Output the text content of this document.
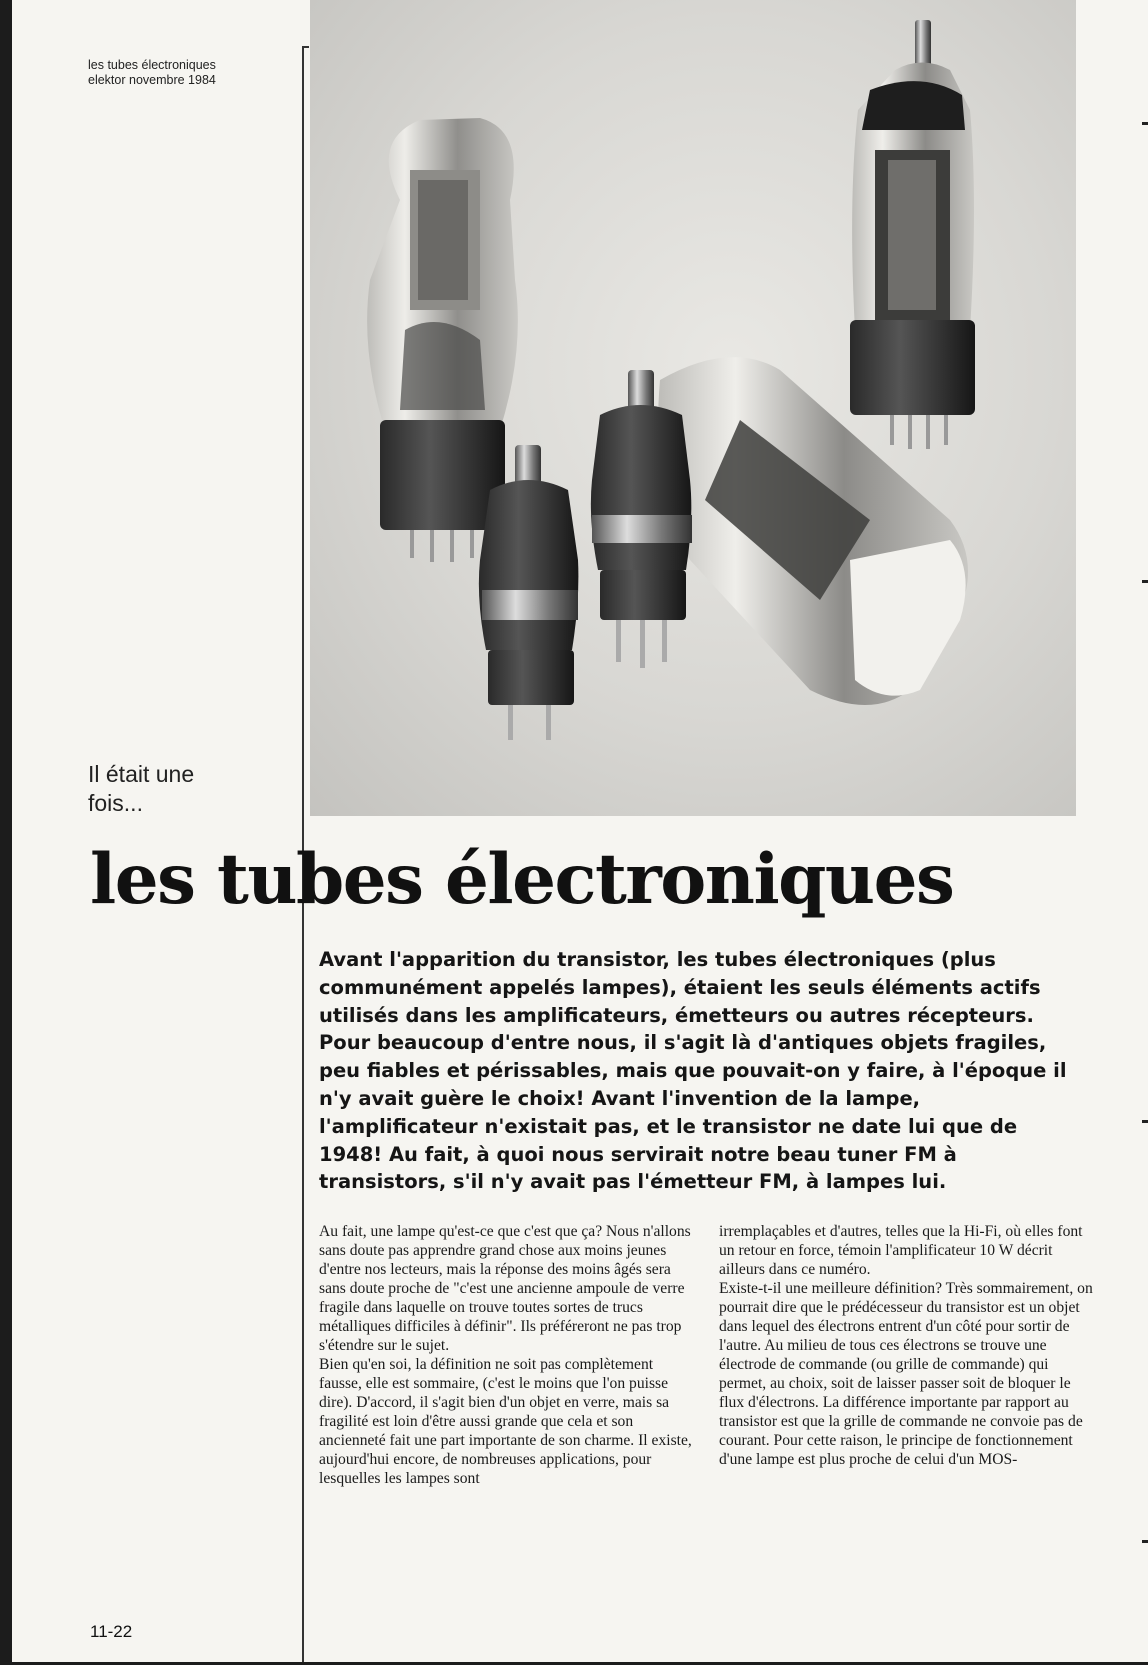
les tubes électroniques
elektor novembre 1984
Il était une
fois...
les tubes électroniques
Avant l'apparition du transistor, les tubes électroniques (plus communément appelés lampes), étaient les seuls éléments actifs utilisés dans les amplificateurs, émetteurs ou autres récepteurs. Pour beaucoup d'entre nous, il s'agit là d'antiques objets fragiles, peu fiables et périssables, mais que pouvait-on y faire, à l'époque il n'y avait guère le choix! Avant l'invention de la lampe, l'amplificateur n'existait pas, et le transistor ne date lui que de 1948! Au fait, à quoi nous servirait notre beau tuner FM à transistors, s'il n'y avait pas l'émetteur FM, à lampes lui.

Au fait, une lampe qu'est-ce que c'est que ça? Nous n'allons sans doute pas apprendre grand chose aux moins jeunes d'entre nos lecteurs, mais la réponse des moins âgés sera sans doute proche de "c'est une ancienne ampoule de verre fragile dans laquelle on trouve toutes sortes de trucs métalliques difficiles à définir". Ils préféreront ne pas trop s'étendre sur le sujet.

Bien qu'en soi, la définition ne soit pas complètement fausse, elle est sommaire, (c'est le moins que l'on puisse dire). D'accord, il s'agit bien d'un objet en verre, mais sa fragilité est loin d'être aussi grande que cela et son ancienneté fait une part importante de son charme. Il existe, aujourd'hui encore, de nombreuses applications, pour lesquelles les lampes sont

irremplaçables et d'autres, telles que la Hi-Fi, où elles font un retour en force, témoin l'amplificateur 10 W décrit ailleurs dans ce numéro.

Existe-t-il une meilleure définition? Très sommairement, on pourrait dire que le prédécesseur du transistor est un objet dans lequel des électrons entrent d'un côté pour sortir de l'autre. Au milieu de tous ces électrons se trouve une électrode de commande (ou grille de commande) qui permet, au choix, soit de laisser passer soit de bloquer le flux d'électrons. La différence importante par rapport au transistor est que la grille de commande ne convoie pas de courant. Pour cette raison, le principe de fonctionnement d'une lampe est plus proche de celui d'un MOS-

11-22
